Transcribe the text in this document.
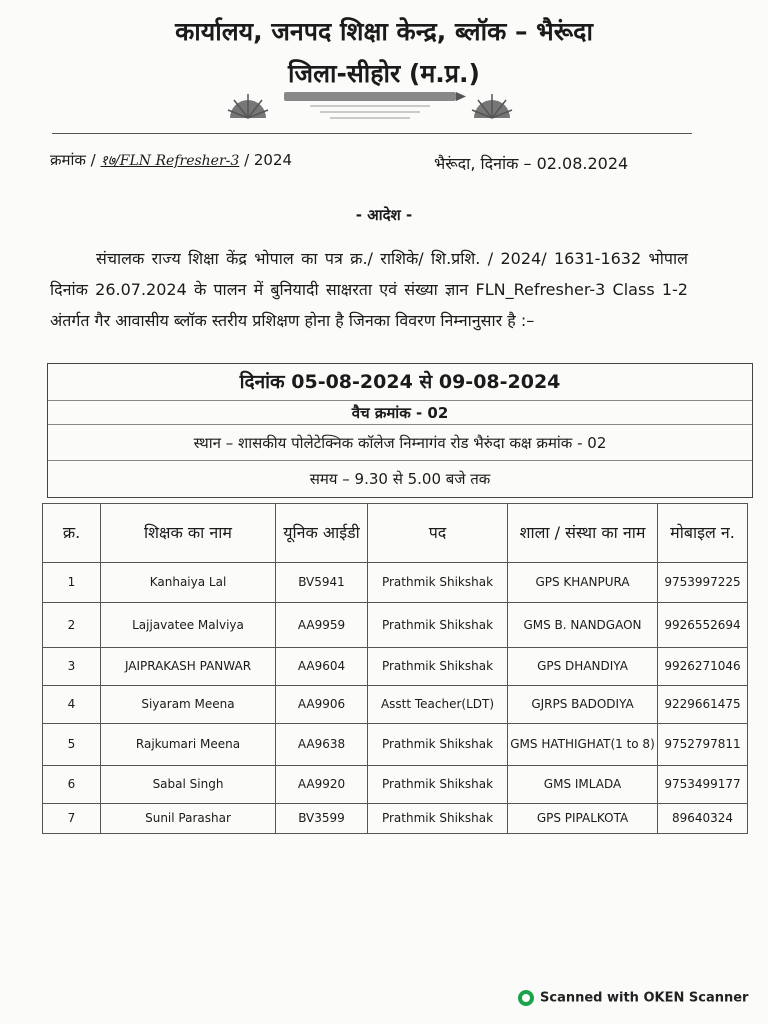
कार्यालय, जनपद शिक्षा केन्द्र, ब्लॉक – भैरूंदा
जिला-सीहोर (म.प्र.)
क्रमांक / १७/FLN Refresher-3 / 2024	भैरूंदा, दिनांक – 02.08.2024
- आदेश -

संचालक राज्य शिक्षा केंद्र भोपाल का पत्र क्र./ राशिके/ शि.प्रशि. / 2024/ 1631-1632 भोपाल दिनांक 26.07.2024 के पालन में बुनियादी साक्षरता एवं संख्या ज्ञान FLN_Refresher-3 Class 1-2 अंतर्गत गैर आवासीय ब्लॉक स्तरीय प्रशिक्षण होना है जिनका विवरण निम्नानुसार है :–

दिनांक 05-08-2024 से 09-08-2024
वैच क्रमांक - 02
स्थान – शासकीय पोलेटेक्निक कॉलेज निम्नागंव रोड भैरुंदा कक्ष क्रमांक - 02
समय – 9.30 से 5.00 बजे तक
क्र.	शिक्षक का नाम	यूनिक आईडी	पद	शाला / संस्था का नाम	मोबाइल न.
1	Kanhaiya Lal	BV5941	Prathmik Shikshak	GPS KHANPURA	9753997225
2	Lajjavatee Malviya	AA9959	Prathmik Shikshak	GMS B. NANDGAON	9926552694
3	JAIPRAKASH PANWAR	AA9604	Prathmik Shikshak	GPS DHANDIYA	9926271046
4	Siyaram Meena	AA9906	Asstt Teacher(LDT)	GJRPS BADODIYA	9229661475
5	Rajkumari Meena	AA9638	Prathmik Shikshak	GMS HATHIGHAT(1 to 8)	9752797811
6	Sabal Singh	AA9920	Prathmik Shikshak	GMS IMLADA	9753499177
7	Sunil Parashar	BV3599	Prathmik Shikshak	GPS PIPALKOTA	89640324
Scanned with OKEN Scanner
